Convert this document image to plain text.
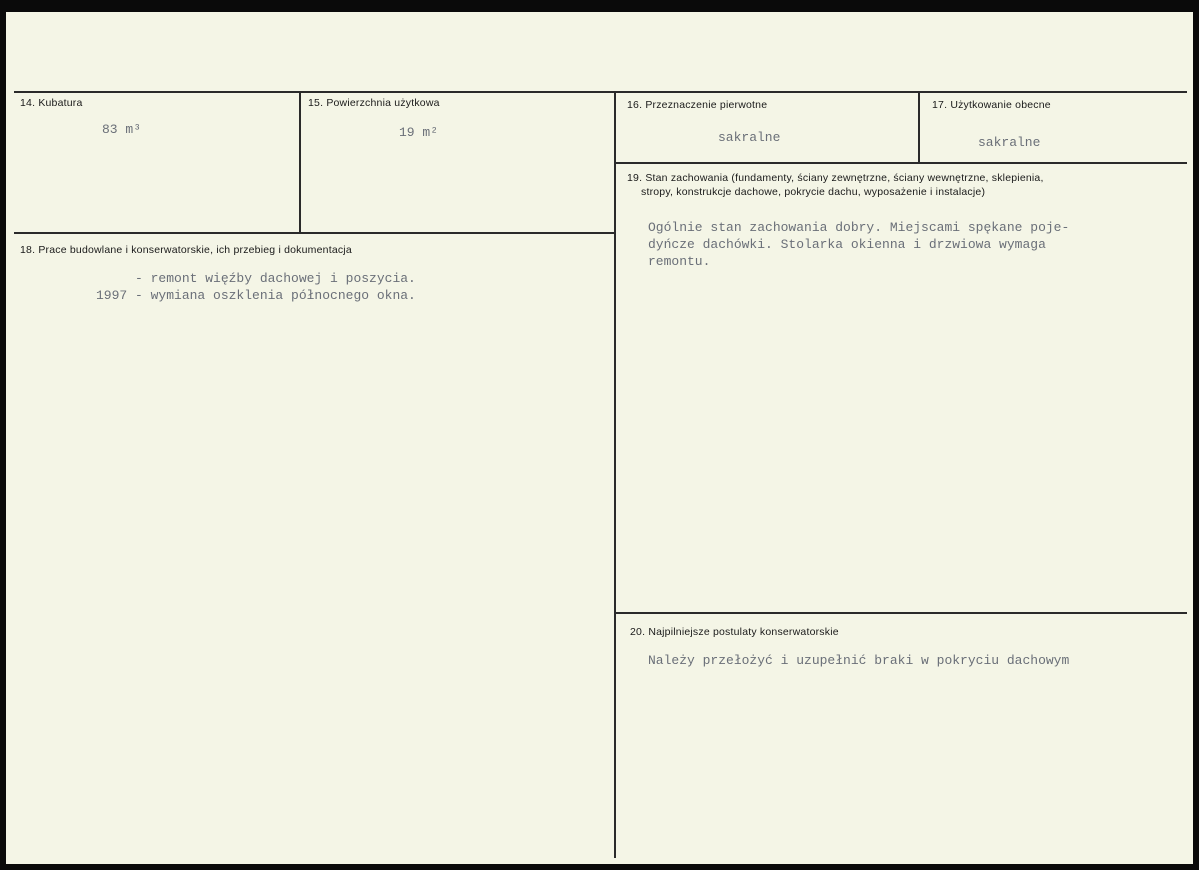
14. Kubatura
83 m³
15. Powierzchnia użytkowa
19 m²
16. Przeznaczenie pierwotne
sakralne
17. Użytkowanie obecne
sakralne
19. Stan zachowania (fundamenty, ściany zewnętrzne, ściany wewnętrzne, sklepienia,
stropy, konstrukcje dachowe, pokrycie dachu, wyposażenie i instalacje)
Ogólnie stan zachowania dobry. Miejscami spękane poje-
dyńcze dachówki. Stolarka okienna i drzwiowa wymaga
remontu.
18. Prace budowlane i konserwatorskie, ich przebieg i dokumentacja
- remont więźby dachowej i poszycia.
1997 - wymiana oszklenia północnego okna.
20. Najpilniejsze postulaty konserwatorskie
Należy przełożyć i uzupełnić braki w pokryciu dachowym
